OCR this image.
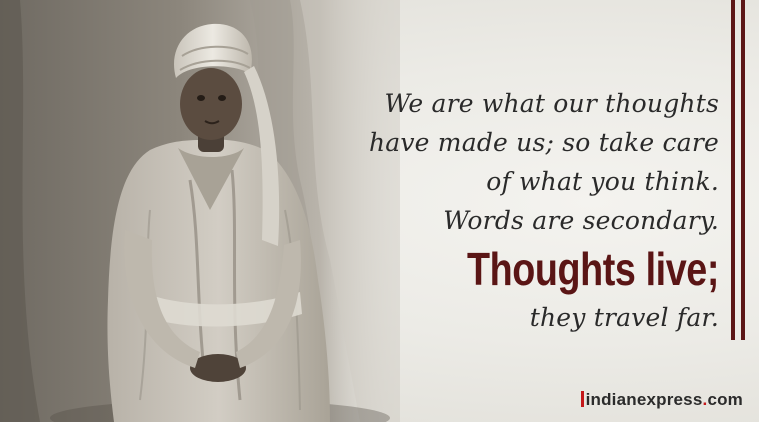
We are what our thoughts
have made us; so take care
of what you think.
Words are secondary.
Thoughts live;
they travel far.
indianexpress.com
